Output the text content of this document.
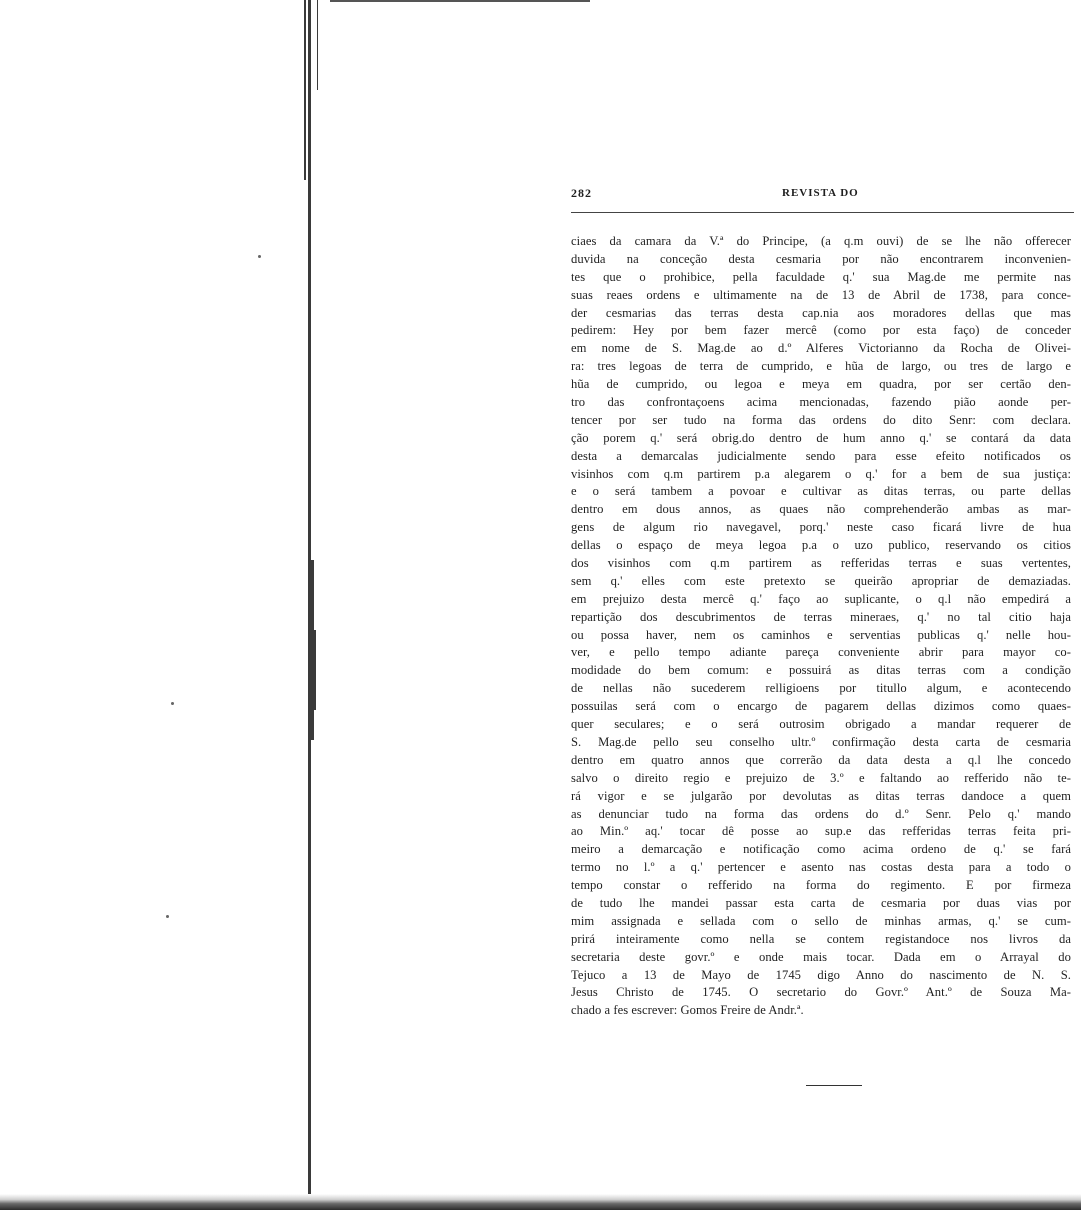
282	REVISTA DO
ciaes da camara da V.ª do Principe, (a q.m ouvi) de se lhe não offerecer
duvida na conceção desta cesmaria por não encontrarem inconvenien-
tes que o prohibice, pella faculdade q.' sua Mag.de me permite nas
suas reaes ordens e ultimamente na de 13 de Abril de 1738, para conce-
der cesmarias das terras desta cap.nia aos moradores dellas que mas
pedirem: Hey por bem fazer mercê (como por esta faço) de conceder
em nome de S. Mag.de ao d.º Alferes Victorianno da Rocha de Olivei-
ra: tres legoas de terra de cumprido, e hũa de largo, ou tres de largo e
hũa de cumprido, ou legoa e meya em quadra, por ser certão den-
tro das confrontaçoens acima mencionadas, fazendo pião aonde per-
tencer por ser tudo na forma das ordens do dito Senr: com declara.
ção porem q.' será obrig.do dentro de hum anno q.' se contará da data
desta a demarcalas judicialmente sendo para esse efeito notificados os
visinhos com q.m partirem p.a alegarem o q.' for a bem de sua justiça:
e o será tambem a povoar e cultivar as ditas terras, ou parte dellas
dentro em dous annos, as quaes não comprehenderão ambas as mar-
gens de algum rio navegavel, porq.' neste caso ficará livre de hua
dellas o espaço de meya legoa p.a o uzo publico, reservando os citios
dos visinhos com q.m partirem as refferidas terras e suas vertentes,
sem q.' elles com este pretexto se queirão apropriar de demaziadas.
em prejuizo desta mercê q.' faço ao suplicante, o q.l não empedirá a
repartição dos descubrimentos de terras mineraes, q.' no tal citio haja
ou possa haver, nem os caminhos e serventias publicas q.' nelle hou-
ver, e pello tempo adiante pareça conveniente abrir para mayor co-
modidade do bem comum: e possuirá as ditas terras com a condição
de nellas não sucederem relligioens por titullo algum, e acontecendo
possuilas será com o encargo de pagarem dellas dizimos como quaes-
quer seculares; e o será outrosim obrigado a mandar requerer de
S. Mag.de pello seu conselho ultr.º confirmação desta carta de cesmaria
dentro em quatro annos que correrão da data desta a q.l lhe concedo
salvo o direito regio e prejuizo de 3.º e faltando ao refferido não te-
rá vigor e se julgarão por devolutas as ditas terras dandoce a quem
as denunciar tudo na forma das ordens do d.º Senr. Pelo q.' mando
ao Min.º aq.' tocar dê posse ao sup.e das refferidas terras feita pri-
meiro a demarcação e notificação como acima ordeno de q.' se fará
termo no l.º a q.' pertencer e asento nas costas desta para a todo o
tempo constar o refferido na forma do regimento. E por firmeza
de tudo lhe mandei passar esta carta de cesmaria por duas vias por
mim assignada e sellada com o sello de minhas armas, q.' se cum-
prirá inteiramente como nella se contem registandoce nos livros da
secretaria deste govr.º e onde mais tocar. Dada em o Arrayal do
Tejuco a 13 de Mayo de 1745 digo Anno do nascimento de N. S.
Jesus Christo de 1745. O secretario do Govr.º Ant.º de Souza Ma-
chado a fes escrever: Gomos Freire de Andr.ª.
